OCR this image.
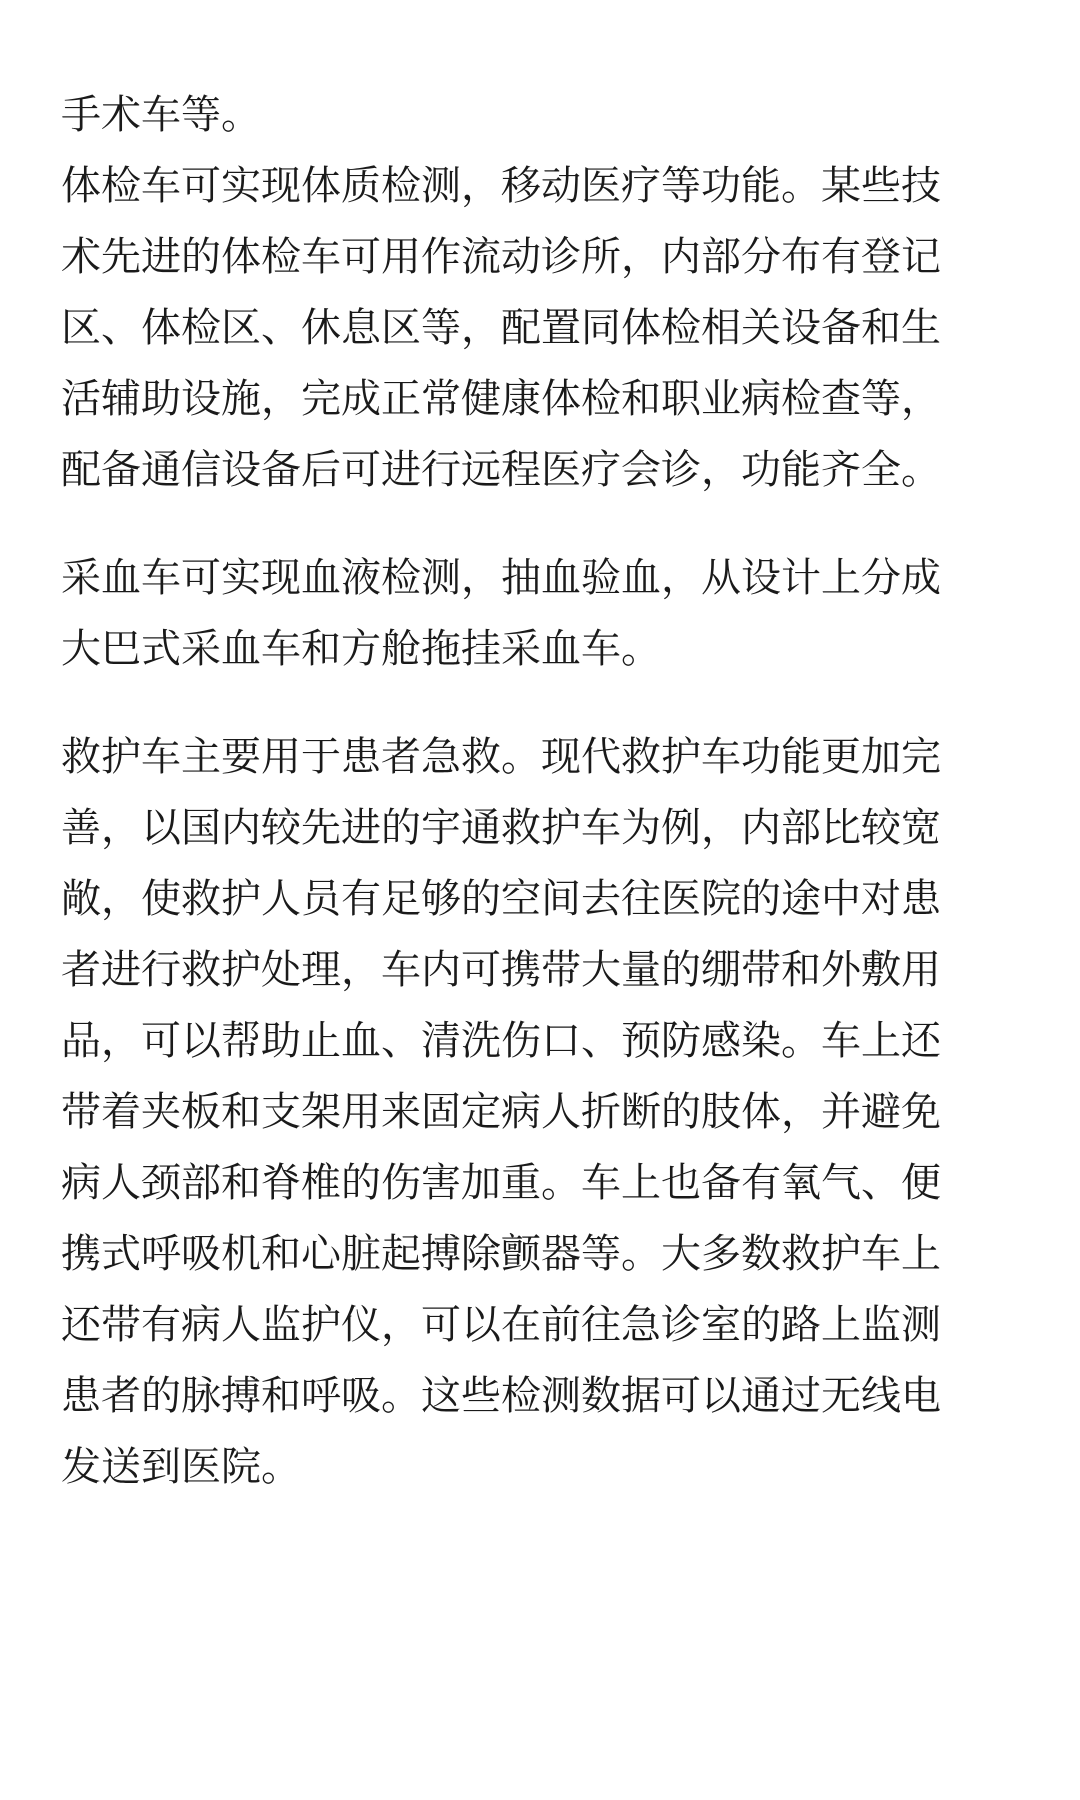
手术车等。

体检车可实现体质检测，移动医疗等功能。某些技
术先进的体检车可用作流动诊所，内部分布有登记
区、体检区、休息区等，配置同体检相关设备和生
活辅助设施，完成正常健康体检和职业病检查等，
配备通信设备后可进行远程医疗会诊，功能齐全。

采血车可实现血液检测，抽血验血，从设计上分成
大巴式采血车和方舱拖挂采血车。

救护车主要用于患者急救。现代救护车功能更加完
善，以国内较先进的宇通救护车为例，内部比较宽
敞，使救护人员有足够的空间去往医院的途中对患
者进行救护处理，车内可携带大量的绷带和外敷用
品，可以帮助止血、清洗伤口、预防感染。车上还
带着夹板和支架用来固定病人折断的肢体，并避免
病人颈部和脊椎的伤害加重。车上也备有氧气、便
携式呼吸机和心脏起搏除颤器等。大多数救护车上
还带有病人监护仪，可以在前往急诊室的路上监测
患者的脉搏和呼吸。这些检测数据可以通过无线电
发送到医院。
